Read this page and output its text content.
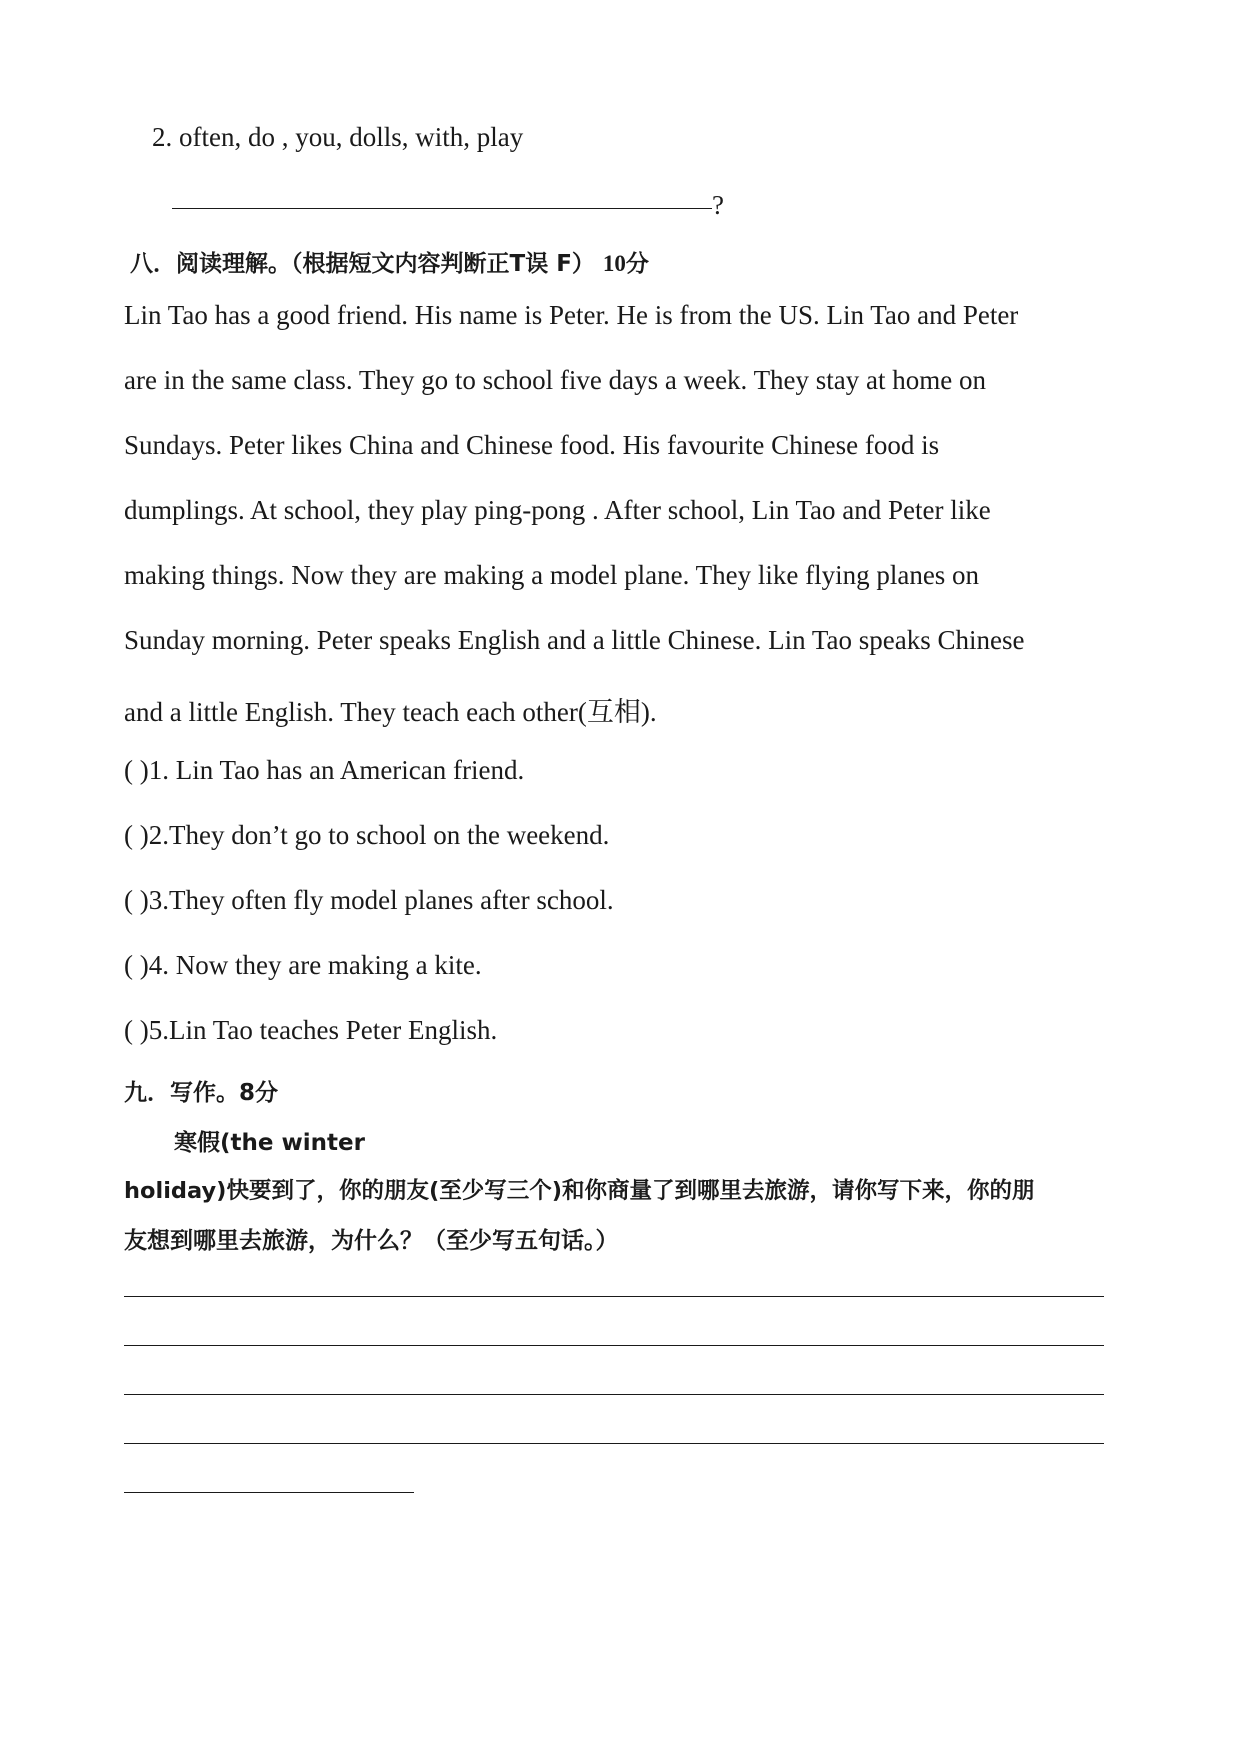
2. often, do , you, dolls, with, play
?
八．阅读理解。（根据短文内容判断正T误 F） 10分
Lin Tao has a good friend. His name is Peter. He is from the US. Lin Tao and Peter
are in the same class. They go to school five days a week. They stay at home on
Sundays. Peter likes China and Chinese food. His favourite Chinese food is
dumplings. At school, they play ping-pong . After school, Lin Tao and Peter like
making things. Now they are making a model plane. They like flying planes on
Sunday morning. Peter speaks English and a little Chinese. Lin Tao speaks Chinese
and a little English. They teach each other(互相).
( )1. Lin Tao has an American friend.
( )2.They don’t go to school on the weekend.
( )3.They often fly model planes after school.
( )4. Now they are making a kite.
( )5.Lin Tao teaches Peter English.
九．写作。8分
寒假(the winter
holiday)快要到了，你的朋友(至少写三个)和你商量了到哪里去旅游，请你写下来，你的朋
友想到哪里去旅游，为什么？（至少写五句话。）
